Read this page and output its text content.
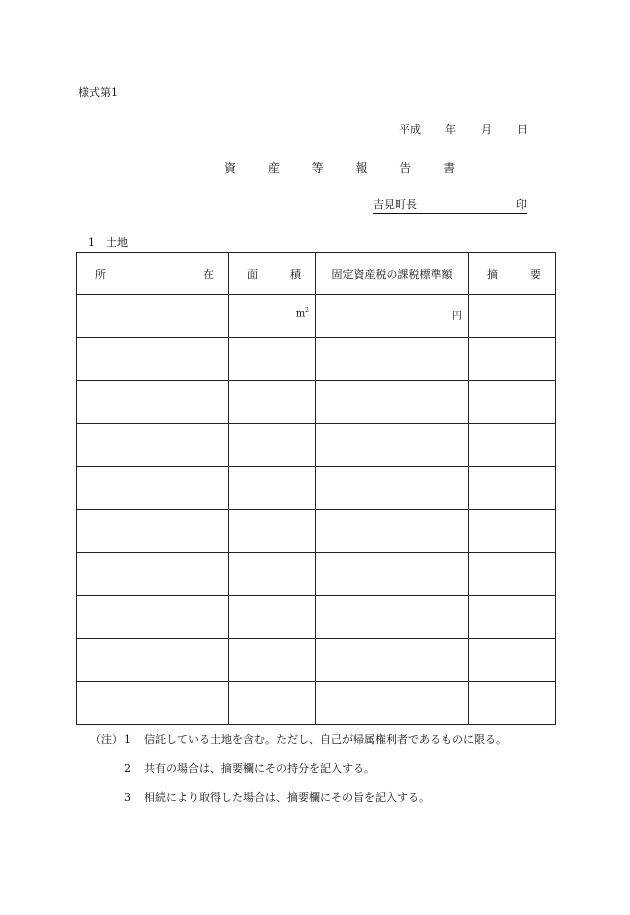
様式第1
平成 年 月 日
資 産 等 報 告 書
吉見町長	印
1　土地
所 在	面 積	固定資産税の課税標準額	摘 要

	$m^2$	円	

（注）1 信託している土地を含む。ただし、自己が帰属権利者であるものに限る。
2 共有の場合は、摘要欄にその持分を記入する。
3 相続により取得した場合は、摘要欄にその旨を記入する。
